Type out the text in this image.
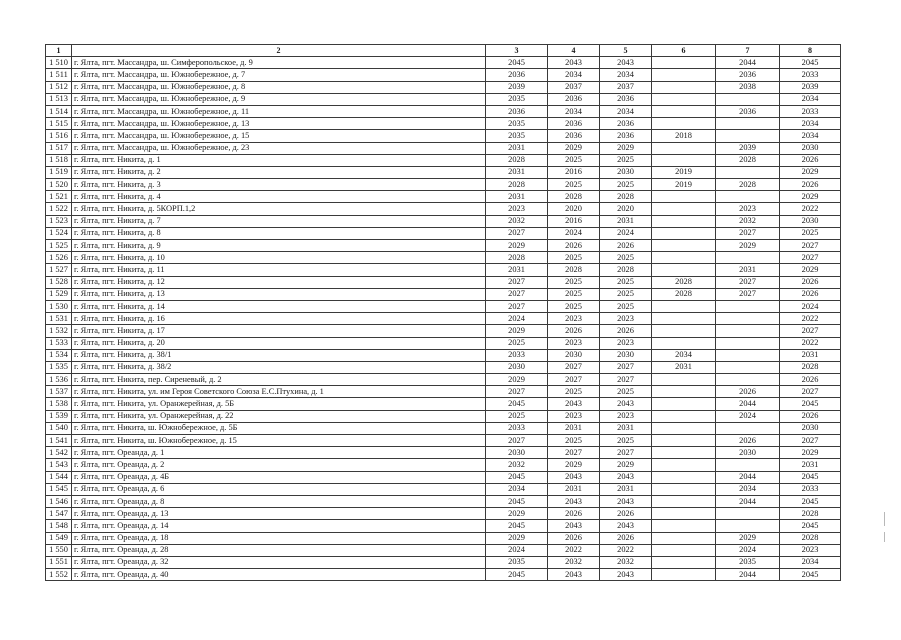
1	2	3	4	5	6	7	8
1 510	г. Ялта, пгт. Массандра, ш. Симферопольское, д. 9	2045	2043	2043		2044	2045
1 511	г. Ялта, пгт. Массандра, ш. Южнобережное, д. 7	2036	2034	2034		2036	2033
1 512	г. Ялта, пгт. Массандра, ш. Южнобережное, д. 8	2039	2037	2037		2038	2039
1 513	г. Ялта, пгт. Массандра, ш. Южнобережное, д. 9	2035	2036	2036			2034
1 514	г. Ялта, пгт. Массандра, ш. Южнобережное, д. 11	2036	2034	2034		2036	2033
1 515	г. Ялта, пгт. Массандра, ш. Южнобережное, д. 13	2035	2036	2036			2034
1 516	г. Ялта, пгт. Массандра, ш. Южнобережное, д. 15	2035	2036	2036	2018		2034
1 517	г. Ялта, пгт. Массандра, ш. Южнобережное, д. 23	2031	2029	2029		2039	2030
1 518	г. Ялта, пгт. Никита, д. 1	2028	2025	2025		2028	2026
1 519	г. Ялта, пгт. Никита, д. 2	2031	2016	2030	2019		2029
1 520	г. Ялта, пгт. Никита, д. 3	2028	2025	2025	2019	2028	2026
1 521	г. Ялта, пгт. Никита, д. 4	2031	2028	2028			2029
1 522	г. Ялта, пгт. Никита, д. 5КОРП.1,2	2023	2020	2020		2023	2022
1 523	г. Ялта, пгт. Никита, д. 7	2032	2016	2031		2032	2030
1 524	г. Ялта, пгт. Никита, д. 8	2027	2024	2024		2027	2025
1 525	г. Ялта, пгт. Никита, д. 9	2029	2026	2026		2029	2027
1 526	г. Ялта, пгт. Никита, д. 10	2028	2025	2025			2027
1 527	г. Ялта, пгт. Никита, д. 11	2031	2028	2028		2031	2029
1 528	г. Ялта, пгт. Никита, д. 12	2027	2025	2025	2028	2027	2026
1 529	г. Ялта, пгт. Никита, д. 13	2027	2025	2025	2028	2027	2026
1 530	г. Ялта, пгт. Никита, д. 14	2027	2025	2025			2024
1 531	г. Ялта, пгт. Никита, д. 16	2024	2023	2023			2022
1 532	г. Ялта, пгт. Никита, д. 17	2029	2026	2026			2027
1 533	г. Ялта, пгт. Никита, д. 20	2025	2023	2023			2022
1 534	г. Ялта, пгт. Никита, д. 38/1	2033	2030	2030	2034		2031
1 535	г. Ялта, пгт. Никита, д. 38/2	2030	2027	2027	2031		2028
1 536	г. Ялта, пгт. Никита, пер. Сиреневый, д. 2	2029	2027	2027			2026
1 537	г. Ялта, пгт. Никита, ул. им Героя Советского Союза Е.С.Птухина, д. 1	2027	2025	2025		2026	2027
1 538	г. Ялта, пгт. Никита, ул. Оранжерейная, д. 5Б	2045	2043	2043		2044	2045
1 539	г. Ялта, пгт. Никита, ул. Оранжерейная, д. 22	2025	2023	2023		2024	2026
1 540	г. Ялта, пгт. Никита, ш. Южнобережное, д. 5Б	2033	2031	2031			2030
1 541	г. Ялта, пгт. Никита, ш. Южнобережное, д. 15	2027	2025	2025		2026	2027
1 542	г. Ялта, пгт. Ореанда, д. 1	2030	2027	2027		2030	2029
1 543	г. Ялта, пгт. Ореанда, д. 2	2032	2029	2029			2031
1 544	г. Ялта, пгт. Ореанда, д. 4Б	2045	2043	2043		2044	2045
1 545	г. Ялта, пгт. Ореанда, д. 6	2034	2031	2031		2034	2033
1 546	г. Ялта, пгт. Ореанда, д. 8	2045	2043	2043		2044	2045
1 547	г. Ялта, пгт. Ореанда, д. 13	2029	2026	2026			2028
1 548	г. Ялта, пгт. Ореанда, д. 14	2045	2043	2043			2045
1 549	г. Ялта, пгт. Ореанда, д. 18	2029	2026	2026		2029	2028
1 550	г. Ялта, пгт. Ореанда, д. 28	2024	2022	2022		2024	2023
1 551	г. Ялта, пгт. Ореанда, д. 32	2035	2032	2032		2035	2034
1 552	г. Ялта, пгт. Ореанда, д. 40	2045	2043	2043		2044	2045
